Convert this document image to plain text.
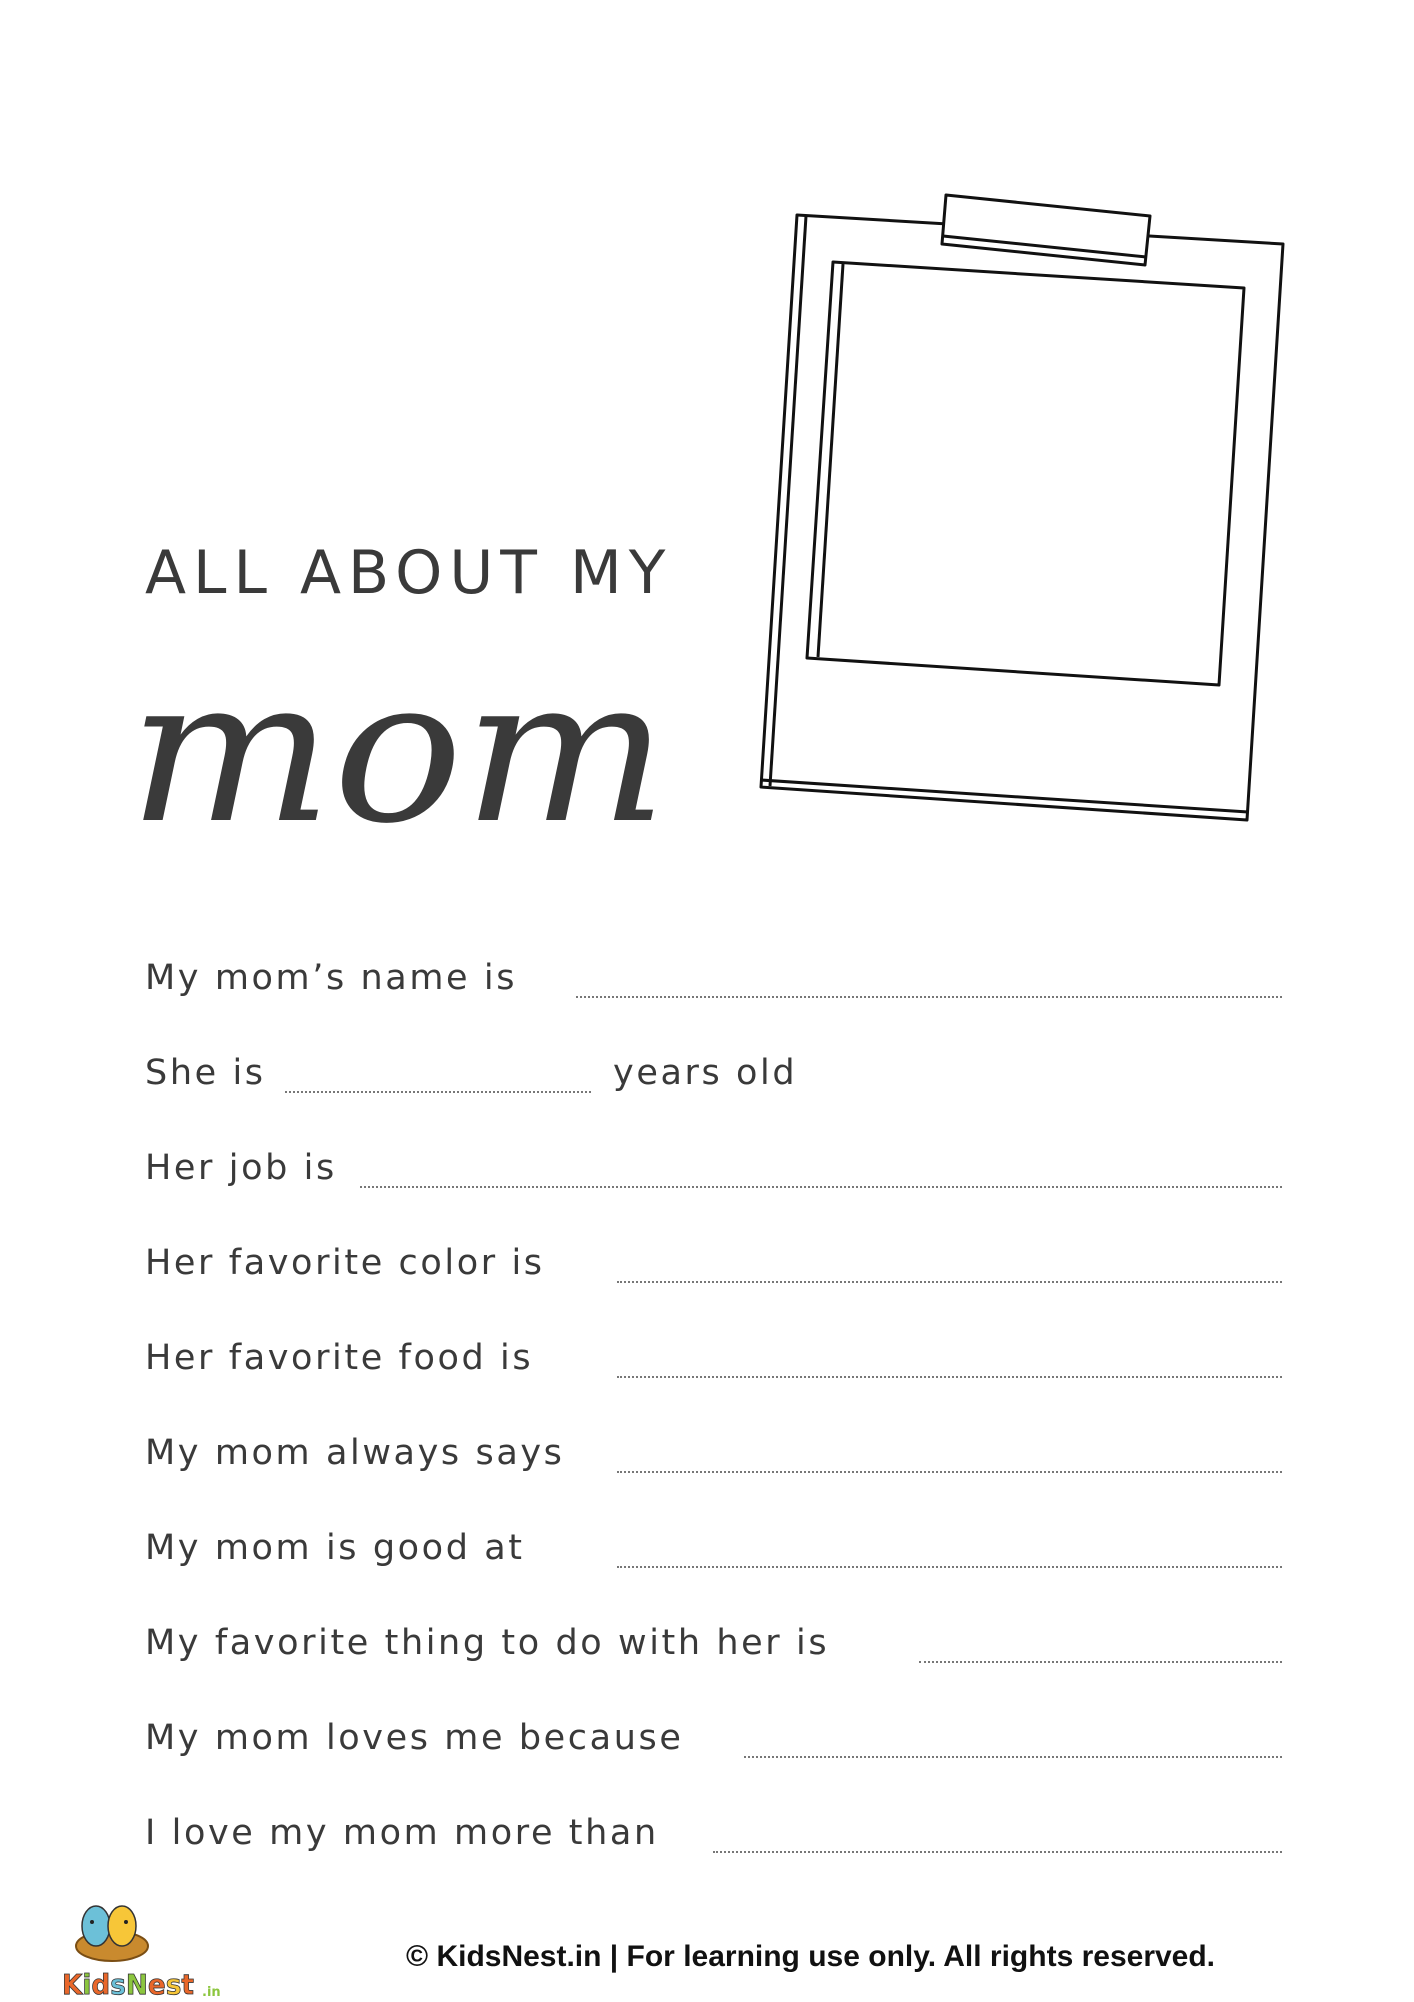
ALL ABOUT MY
mom
My mom’s name is
She is	years old
Her job is
Her favorite color is
Her favorite food is
My mom always says
My mom is good at
My favorite thing to do with her is
My mom loves me because
I love my mom more than
KidsNest .in
© KidsNest.in | For learning use only. All rights reserved.
